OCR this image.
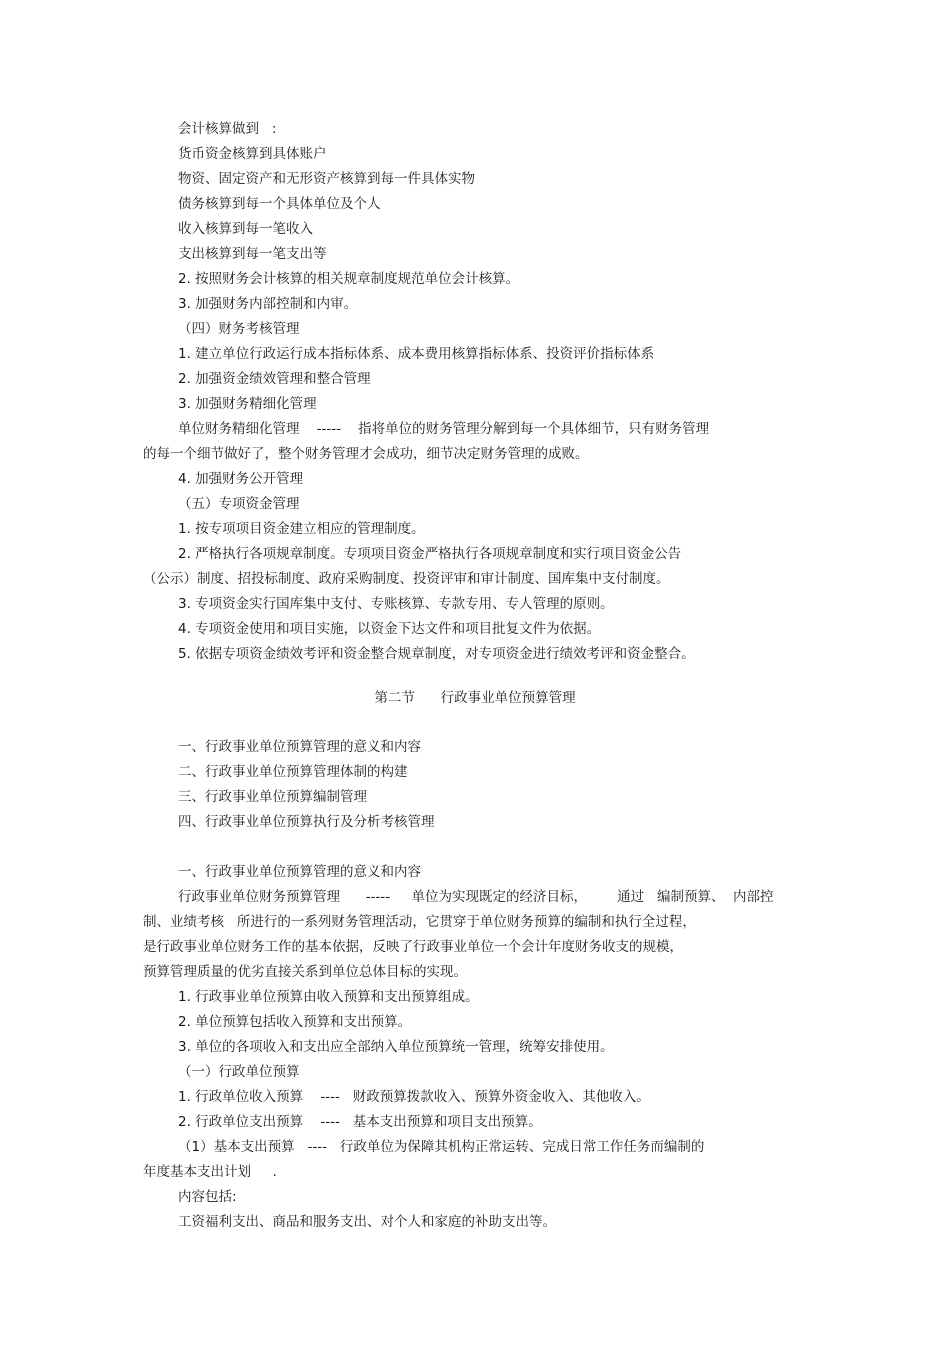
会计核算做到   :
货币资金核算到具体账户
物资、固定资产和无形资产核算到每一件具体实物
债务核算到每一个具体单位及个人
收入核算到每一笔收入
支出核算到每一笔支出等
2. 按照财务会计核算的相关规章制度规范单位会计核算。
3. 加强财务内部控制和内审。
（四）财务考核管理
1. 建立单位行政运行成本指标体系、成本费用核算指标体系、投资评价指标体系
2. 加强资金绩效管理和整合管理
3. 加强财务精细化管理
单位财务精细化管理    -----    指将单位的财务管理分解到每一个具体细节，只有财务管理
的每一个细节做好了，整个财务管理才会成功，细节决定财务管理的成败。
4. 加强财务公开管理
（五）专项资金管理
1. 按专项项目资金建立相应的管理制度。
2. 严格执行各项规章制度。专项项目资金严格执行各项规章制度和实行项目资金公告
（公示）制度、招投标制度、政府采购制度、投资评审和审计制度、国库集中支付制度。
3. 专项资金实行国库集中支付、专账核算、专款专用、专人管理的原则。
4. 专项资金使用和项目实施，以资金下达文件和项目批复文件为依据。
5. 依据专项资金绩效考评和资金整合规章制度，对专项资金进行绩效考评和资金整合。
第二节      行政事业单位预算管理
一、行政事业单位预算管理的意义和内容
二、行政事业单位预算管理体制的构建
三、行政事业单位预算编制管理
四、行政事业单位预算执行及分析考核管理
一、行政事业单位预算管理的意义和内容
行政事业单位财务预算管理      -----     单位为实现既定的经济目标，       通过   编制预算、  内部控
制、业绩考核   所进行的一系列财务管理活动，它贯穿于单位财务预算的编制和执行全过程，
是行政事业单位财务工作的基本依据，反映了行政事业单位一个会计年度财务收支的规模，
预算管理质量的优劣直接关系到单位总体目标的实现。
1. 行政事业单位预算由收入预算和支出预算组成。
2. 单位预算包括收入预算和支出预算。
3. 单位的各项收入和支出应全部纳入单位预算统一管理，统筹安排使用。
（一）行政单位预算
1. 行政单位收入预算    ----   财政预算拨款收入、预算外资金收入、其他收入。
2. 行政单位支出预算    ----   基本支出预算和项目支出预算。
（1）基本支出预算   ----   行政单位为保障其机构正常运转、完成日常工作任务而编制的
年度基本支出计划     .
内容包括:
工资福利支出、商品和服务支出、对个人和家庭的补助支出等。
